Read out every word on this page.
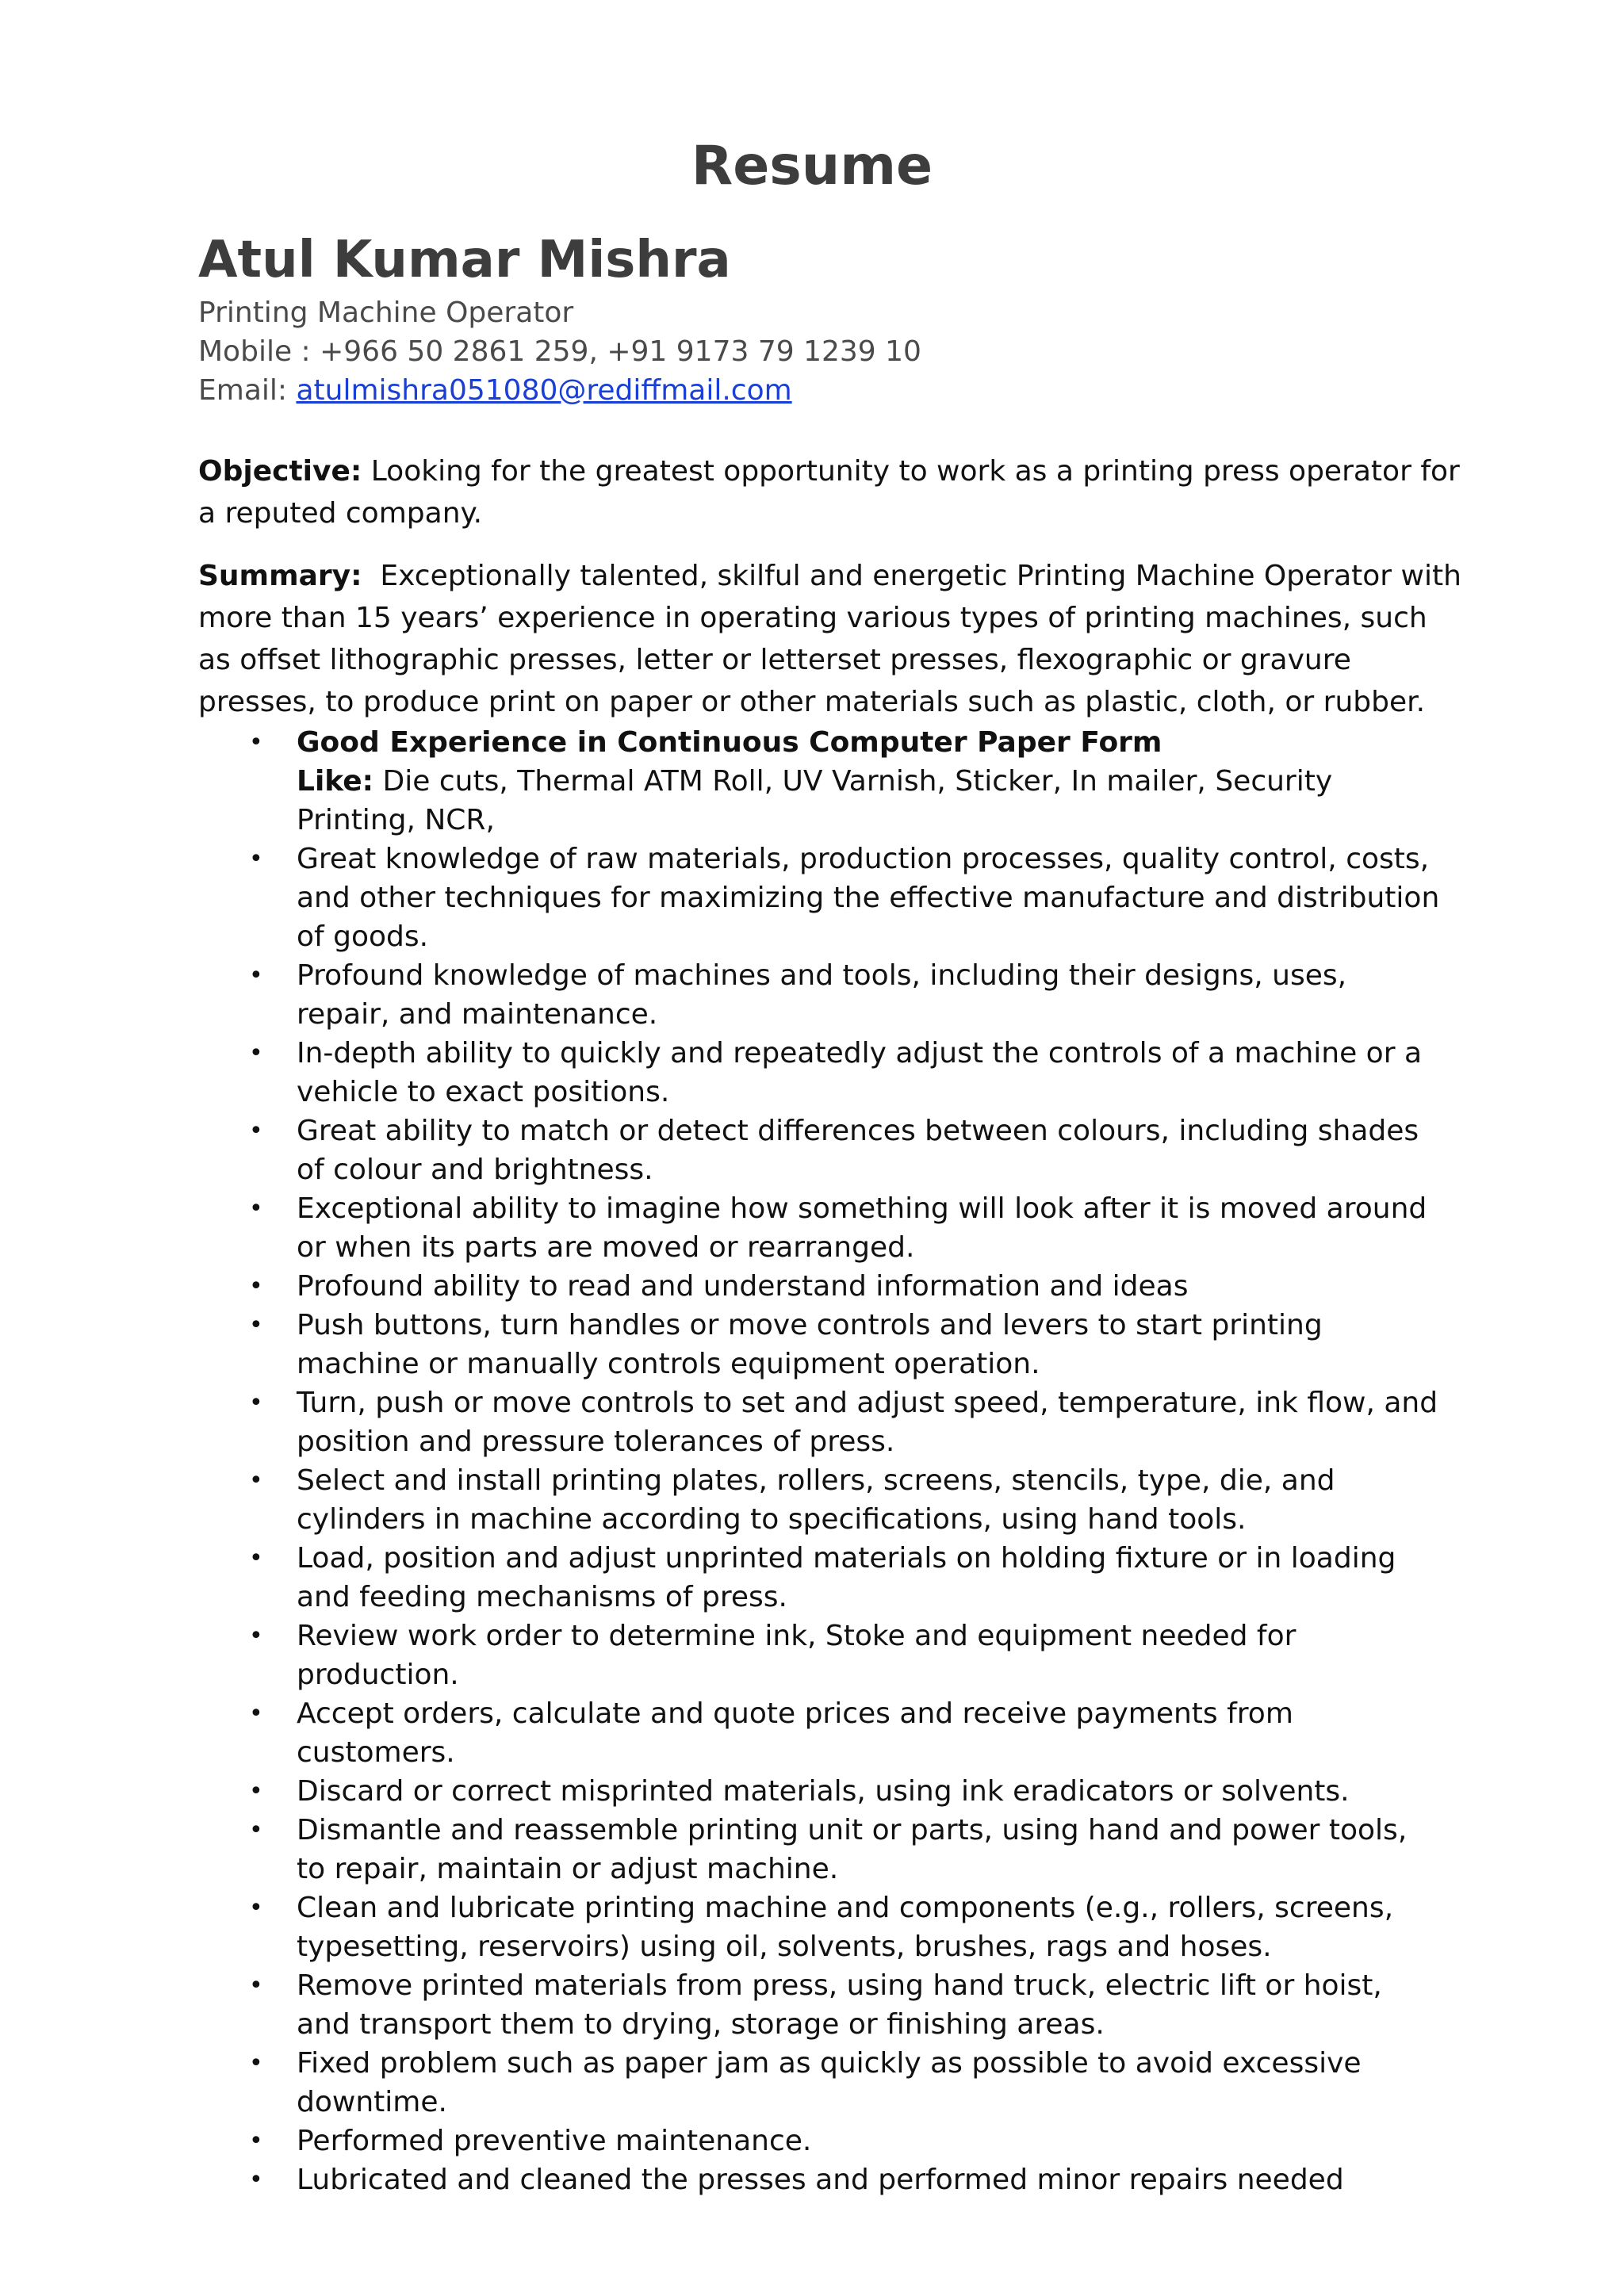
Resume
Atul Kumar Mishra
Printing Machine Operator
Mobile : +966 50 2861 259, +91 9173 79 1239 10
Email: atulmishra051080@rediffmail.com

Objective: Looking for the greatest opportunity to work as a printing press operator for a reputed company.

Summary: Exceptionally talented, skilful and energetic Printing Machine Operator with more than 15 years’ experience in operating various types of printing machines, such as offset lithographic presses, letter or letterset presses, flexographic or gravure presses, to produce print on paper or other materials such as plastic, cloth, or rubber.

• Good Experience in Continuous Computer Paper Form
Like: Die cuts, Thermal ATM Roll, UV Varnish, Sticker, In mailer, Security Printing, NCR,
• Great knowledge of raw materials, production processes, quality control, costs, and other techniques for maximizing the effective manufacture and distribution of goods.
• Profound knowledge of machines and tools, including their designs, uses, repair, and maintenance.
• In-depth ability to quickly and repeatedly adjust the controls of a machine or a vehicle to exact positions.
• Great ability to match or detect differences between colours, including shades of colour and brightness.
• Exceptional ability to imagine how something will look after it is moved around or when its parts are moved or rearranged.
• Profound ability to read and understand information and ideas
• Push buttons, turn handles or move controls and levers to start printing machine or manually controls equipment operation.
• Turn, push or move controls to set and adjust speed, temperature, ink flow, and position and pressure tolerances of press.
• Select and install printing plates, rollers, screens, stencils, type, die, and cylinders in machine according to specifications, using hand tools.
• Load, position and adjust unprinted materials on holding fixture or in loading and feeding mechanisms of press.
• Review work order to determine ink, Stoke and equipment needed for production.
• Accept orders, calculate and quote prices and receive payments from customers.
• Discard or correct misprinted materials, using ink eradicators or solvents.
• Dismantle and reassemble printing unit or parts, using hand and power tools, to repair, maintain or adjust machine.
• Clean and lubricate printing machine and components (e.g., rollers, screens, typesetting, reservoirs) using oil, solvents, brushes, rags and hoses.
• Remove printed materials from press, using hand truck, electric lift or hoist, and transport them to drying, storage or finishing areas.
• Fixed problem such as paper jam as quickly as possible to avoid excessive downtime.
• Performed preventive maintenance.
• Lubricated and cleaned the presses and performed minor repairs needed
